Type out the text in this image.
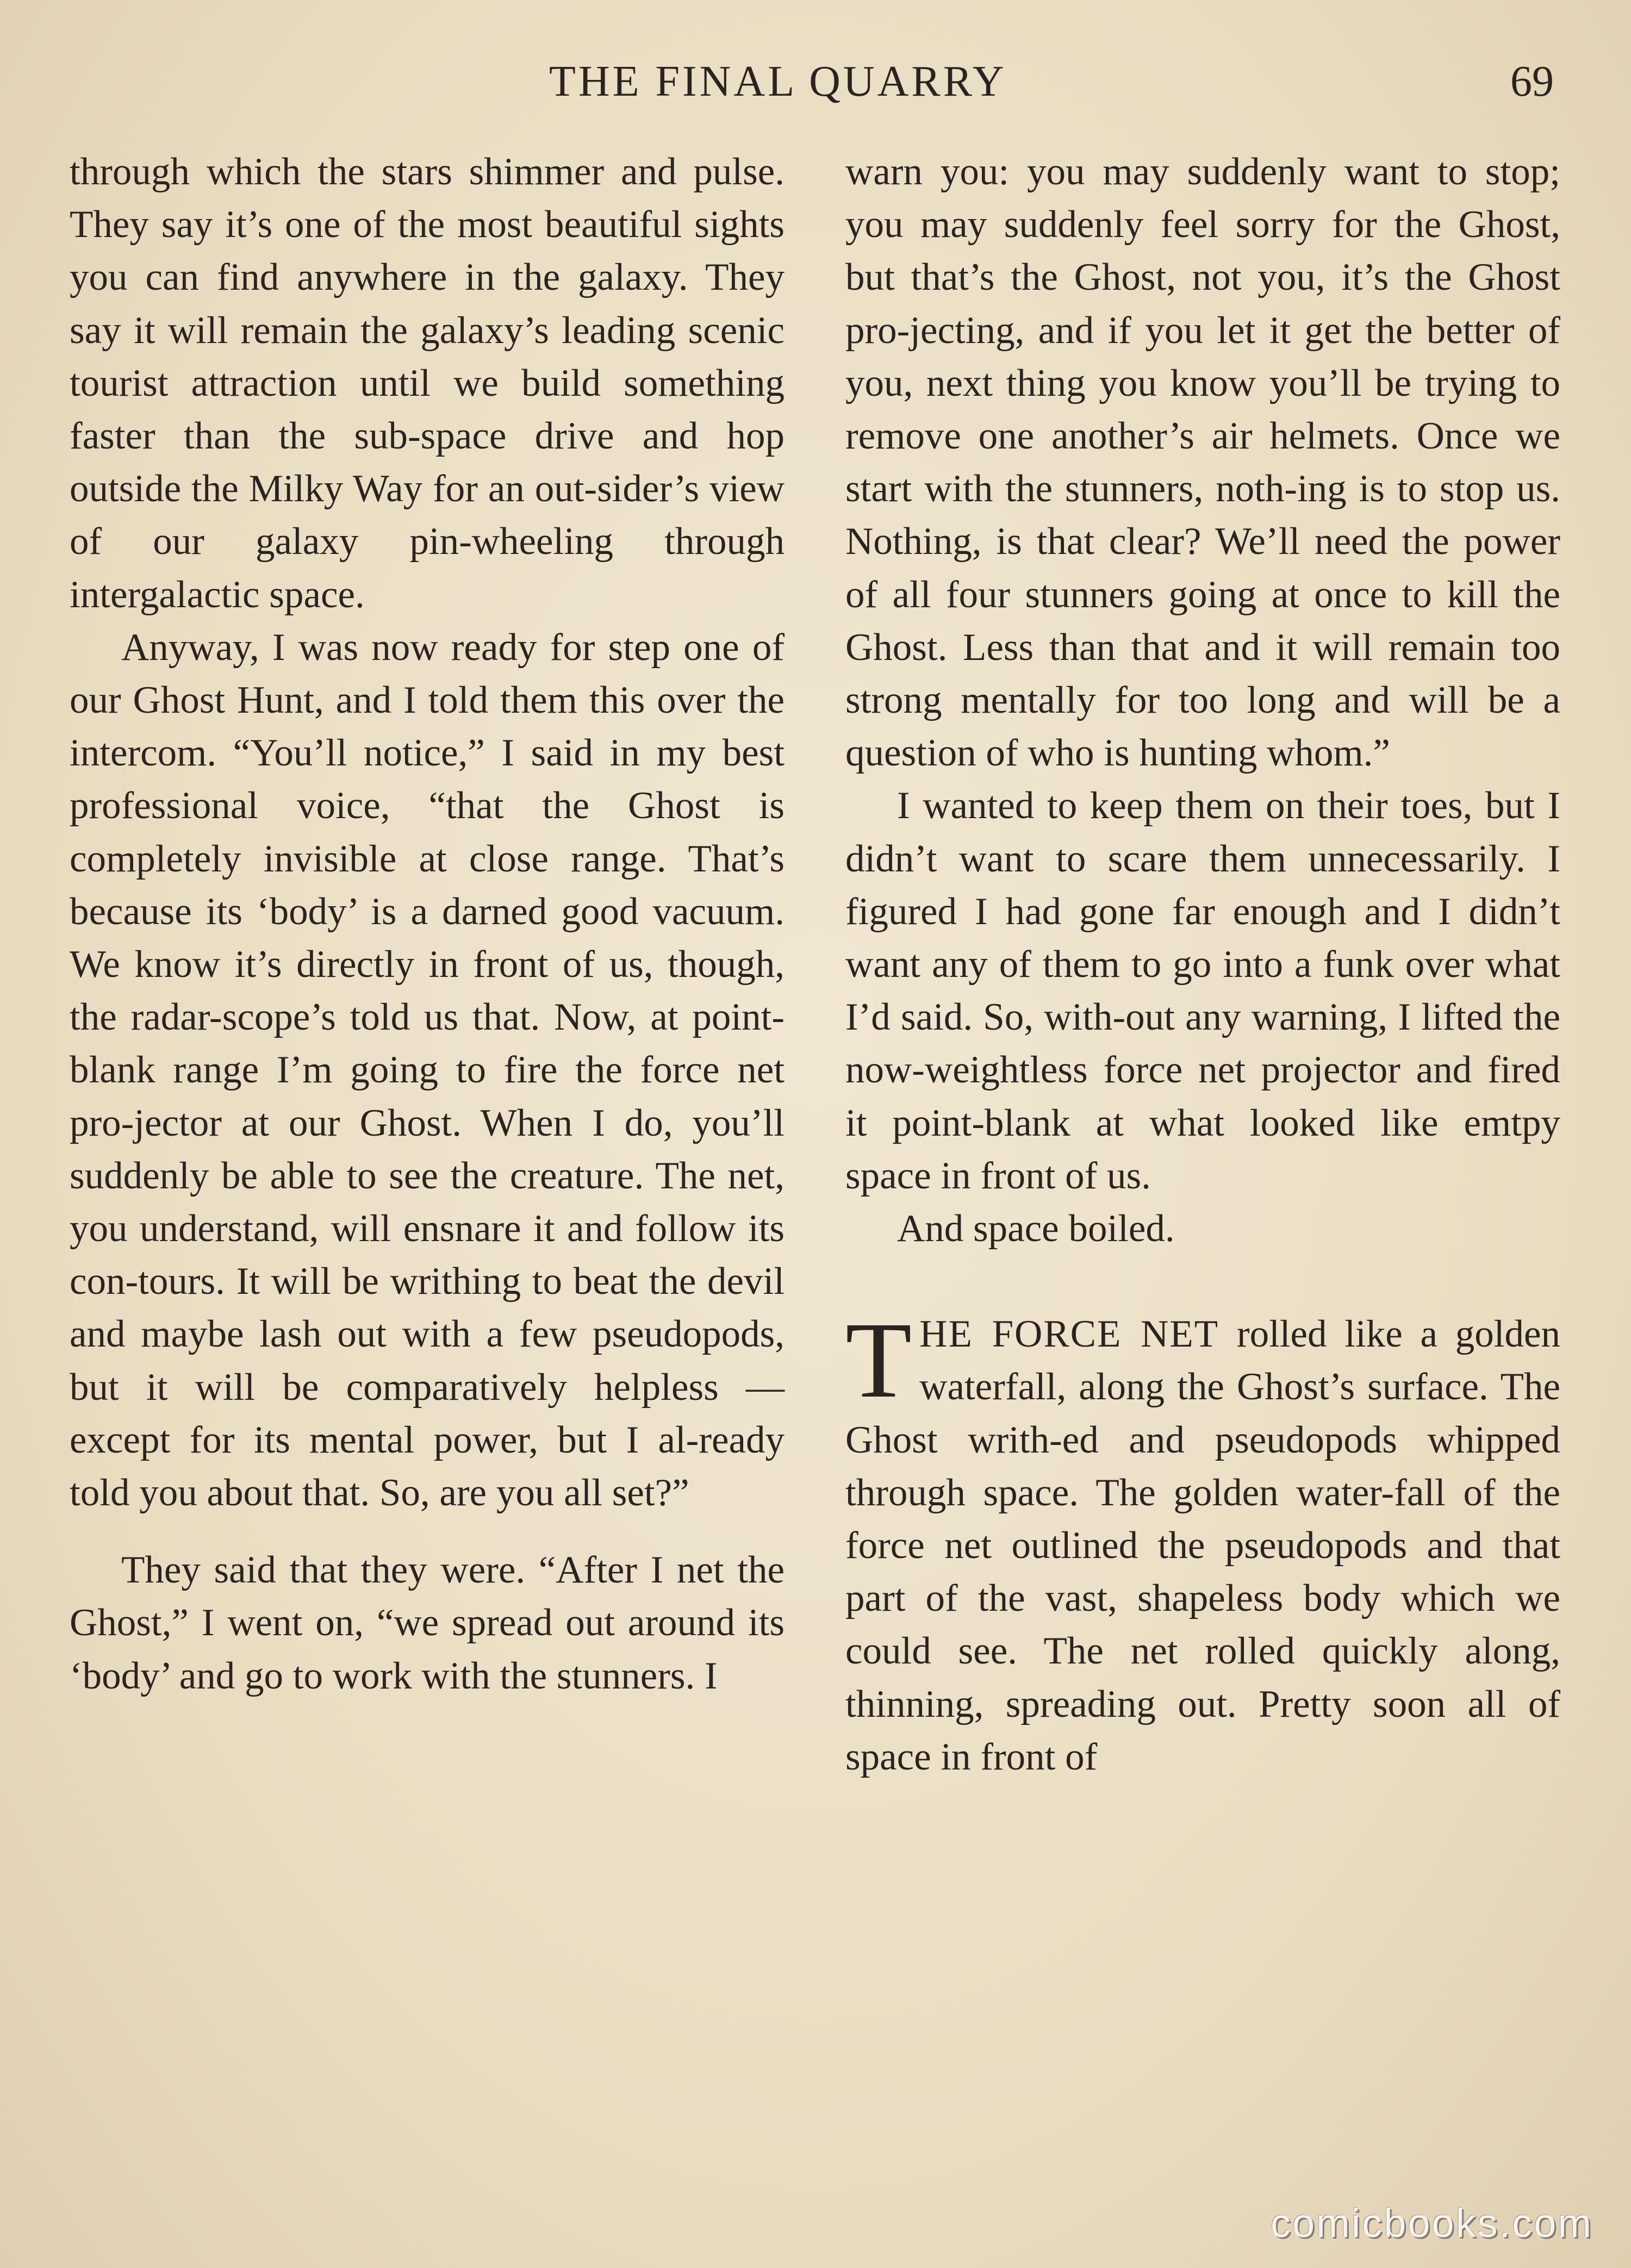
THE FINAL QUARRY	69

through which the stars shimmer and pulse. They say it’s one of the most beautiful sights you can find anywhere in the galaxy. They say it will remain the galaxy’s leading scenic tourist attraction until we build something faster than the sub-space drive and hop outside the Milky Way for an out-sider’s view of our galaxy pin-wheeling through intergalactic space.

Anyway, I was now ready for step one of our Ghost Hunt, and I told them this over the intercom. “You’ll notice,” I said in my best professional voice, “that the Ghost is completely invisible at close range. That’s because its ‘body’ is a darned good vacuum. We know it’s directly in front of us, though, the radar-scope’s told us that. Now, at point-blank range I’m going to fire the force net pro-jector at our Ghost. When I do, you’ll suddenly be able to see the creature. The net, you understand, will ensnare it and follow its con-tours. It will be writhing to beat the devil and maybe lash out with a few pseudopods, but it will be comparatively helpless — except for its mental power, but I al-ready told you about that. So, are you all set?”

They said that they were. “After I net the Ghost,” I went on, “we spread out around its ‘body’ and go to work with the stunners. I

warn you: you may suddenly want to stop; you may suddenly feel sorry for the Ghost, but that’s the Ghost, not you, it’s the Ghost pro-jecting, and if you let it get the better of you, next thing you know you’ll be trying to remove one another’s air helmets. Once we start with the stunners, noth-ing is to stop us. Nothing, is that clear? We’ll need the power of all four stunners going at once to kill the Ghost. Less than that and it will remain too strong mentally for too long and will be a question of who is hunting whom.”

I wanted to keep them on their toes, but I didn’t want to scare them unnecessarily. I figured I had gone far enough and I didn’t want any of them to go into a funk over what I’d said. So, with-out any warning, I lifted the now-weightless force net projector and fired it point-blank at what looked like emtpy space in front of us.

And space boiled.

THE FORCE NET rolled like a golden waterfall, along the Ghost’s surface. The Ghost writh-ed and pseudopods whipped through space. The golden water-fall of the force net outlined the pseudopods and that part of the vast, shapeless body which we could see. The net rolled quickly along, thinning, spreading out. Pretty soon all of space in front of

comicbooks.com
